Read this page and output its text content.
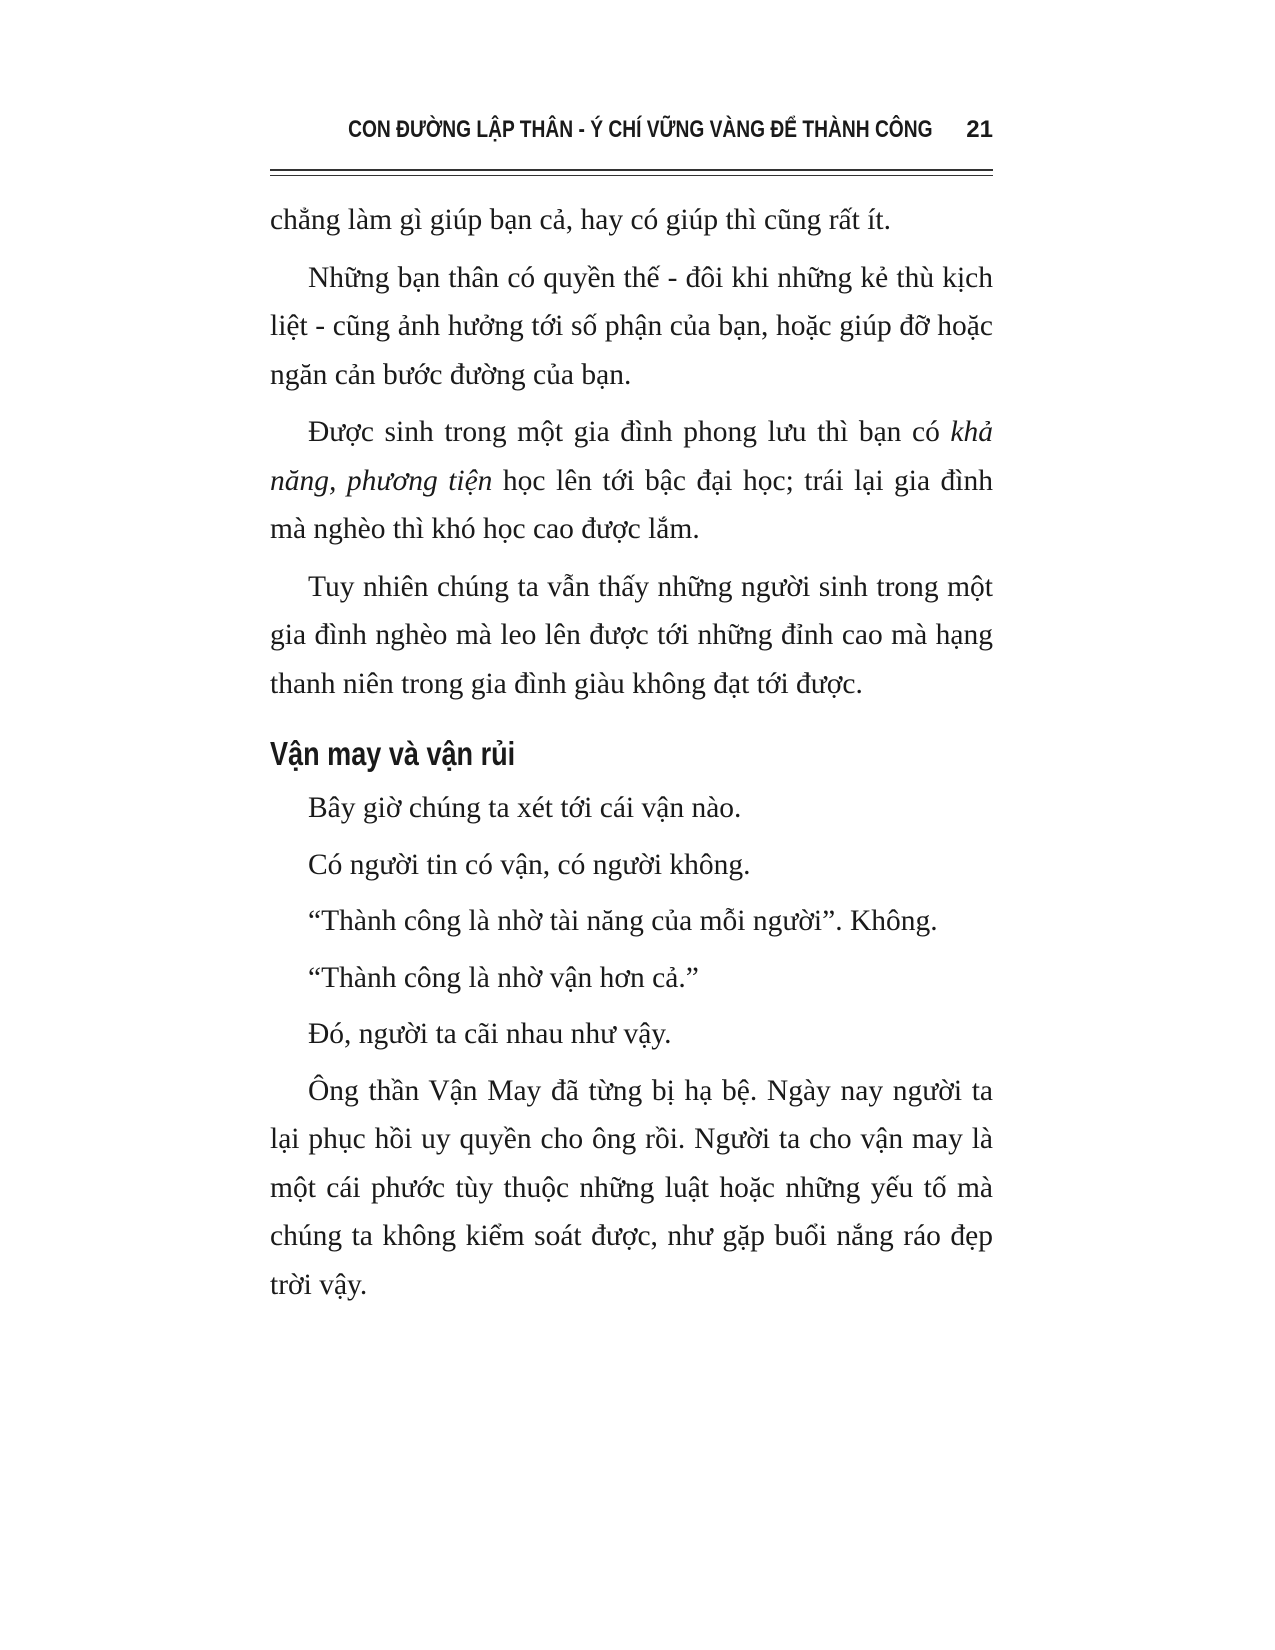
CON ĐƯỜNG LẬP THÂN - Ý CHÍ VỮNG VÀNG ĐỂ THÀNH CÔNG 21

chẳng làm gì giúp bạn cả, hay có giúp thì cũng rất ít.

Những bạn thân có quyền thế - đôi khi những kẻ thù kịch liệt - cũng ảnh hưởng tới số phận của bạn, hoặc giúp đỡ hoặc ngăn cản bước đường của bạn.

Được sinh trong một gia đình phong lưu thì bạn có khả năng, phương tiện học lên tới bậc đại học; trái lại gia đình mà nghèo thì khó học cao được lắm.

Tuy nhiên chúng ta vẫn thấy những người sinh trong một gia đình nghèo mà leo lên được tới những đỉnh cao mà hạng thanh niên trong gia đình giàu không đạt tới được.

Vận may và vận rủi

Bây giờ chúng ta xét tới cái vận nào.

Có người tin có vận, có người không.

“Thành công là nhờ tài năng của mỗi người”. Không.

“Thành công là nhờ vận hơn cả.”

Đó, người ta cãi nhau như vậy.

Ông thần Vận May đã từng bị hạ bệ. Ngày nay người ta lại phục hồi uy quyền cho ông rồi. Người ta cho vận may là một cái phước tùy thuộc những luật hoặc những yếu tố mà chúng ta không kiểm soát được, như gặp buổi nắng ráo đẹp trời vậy.
